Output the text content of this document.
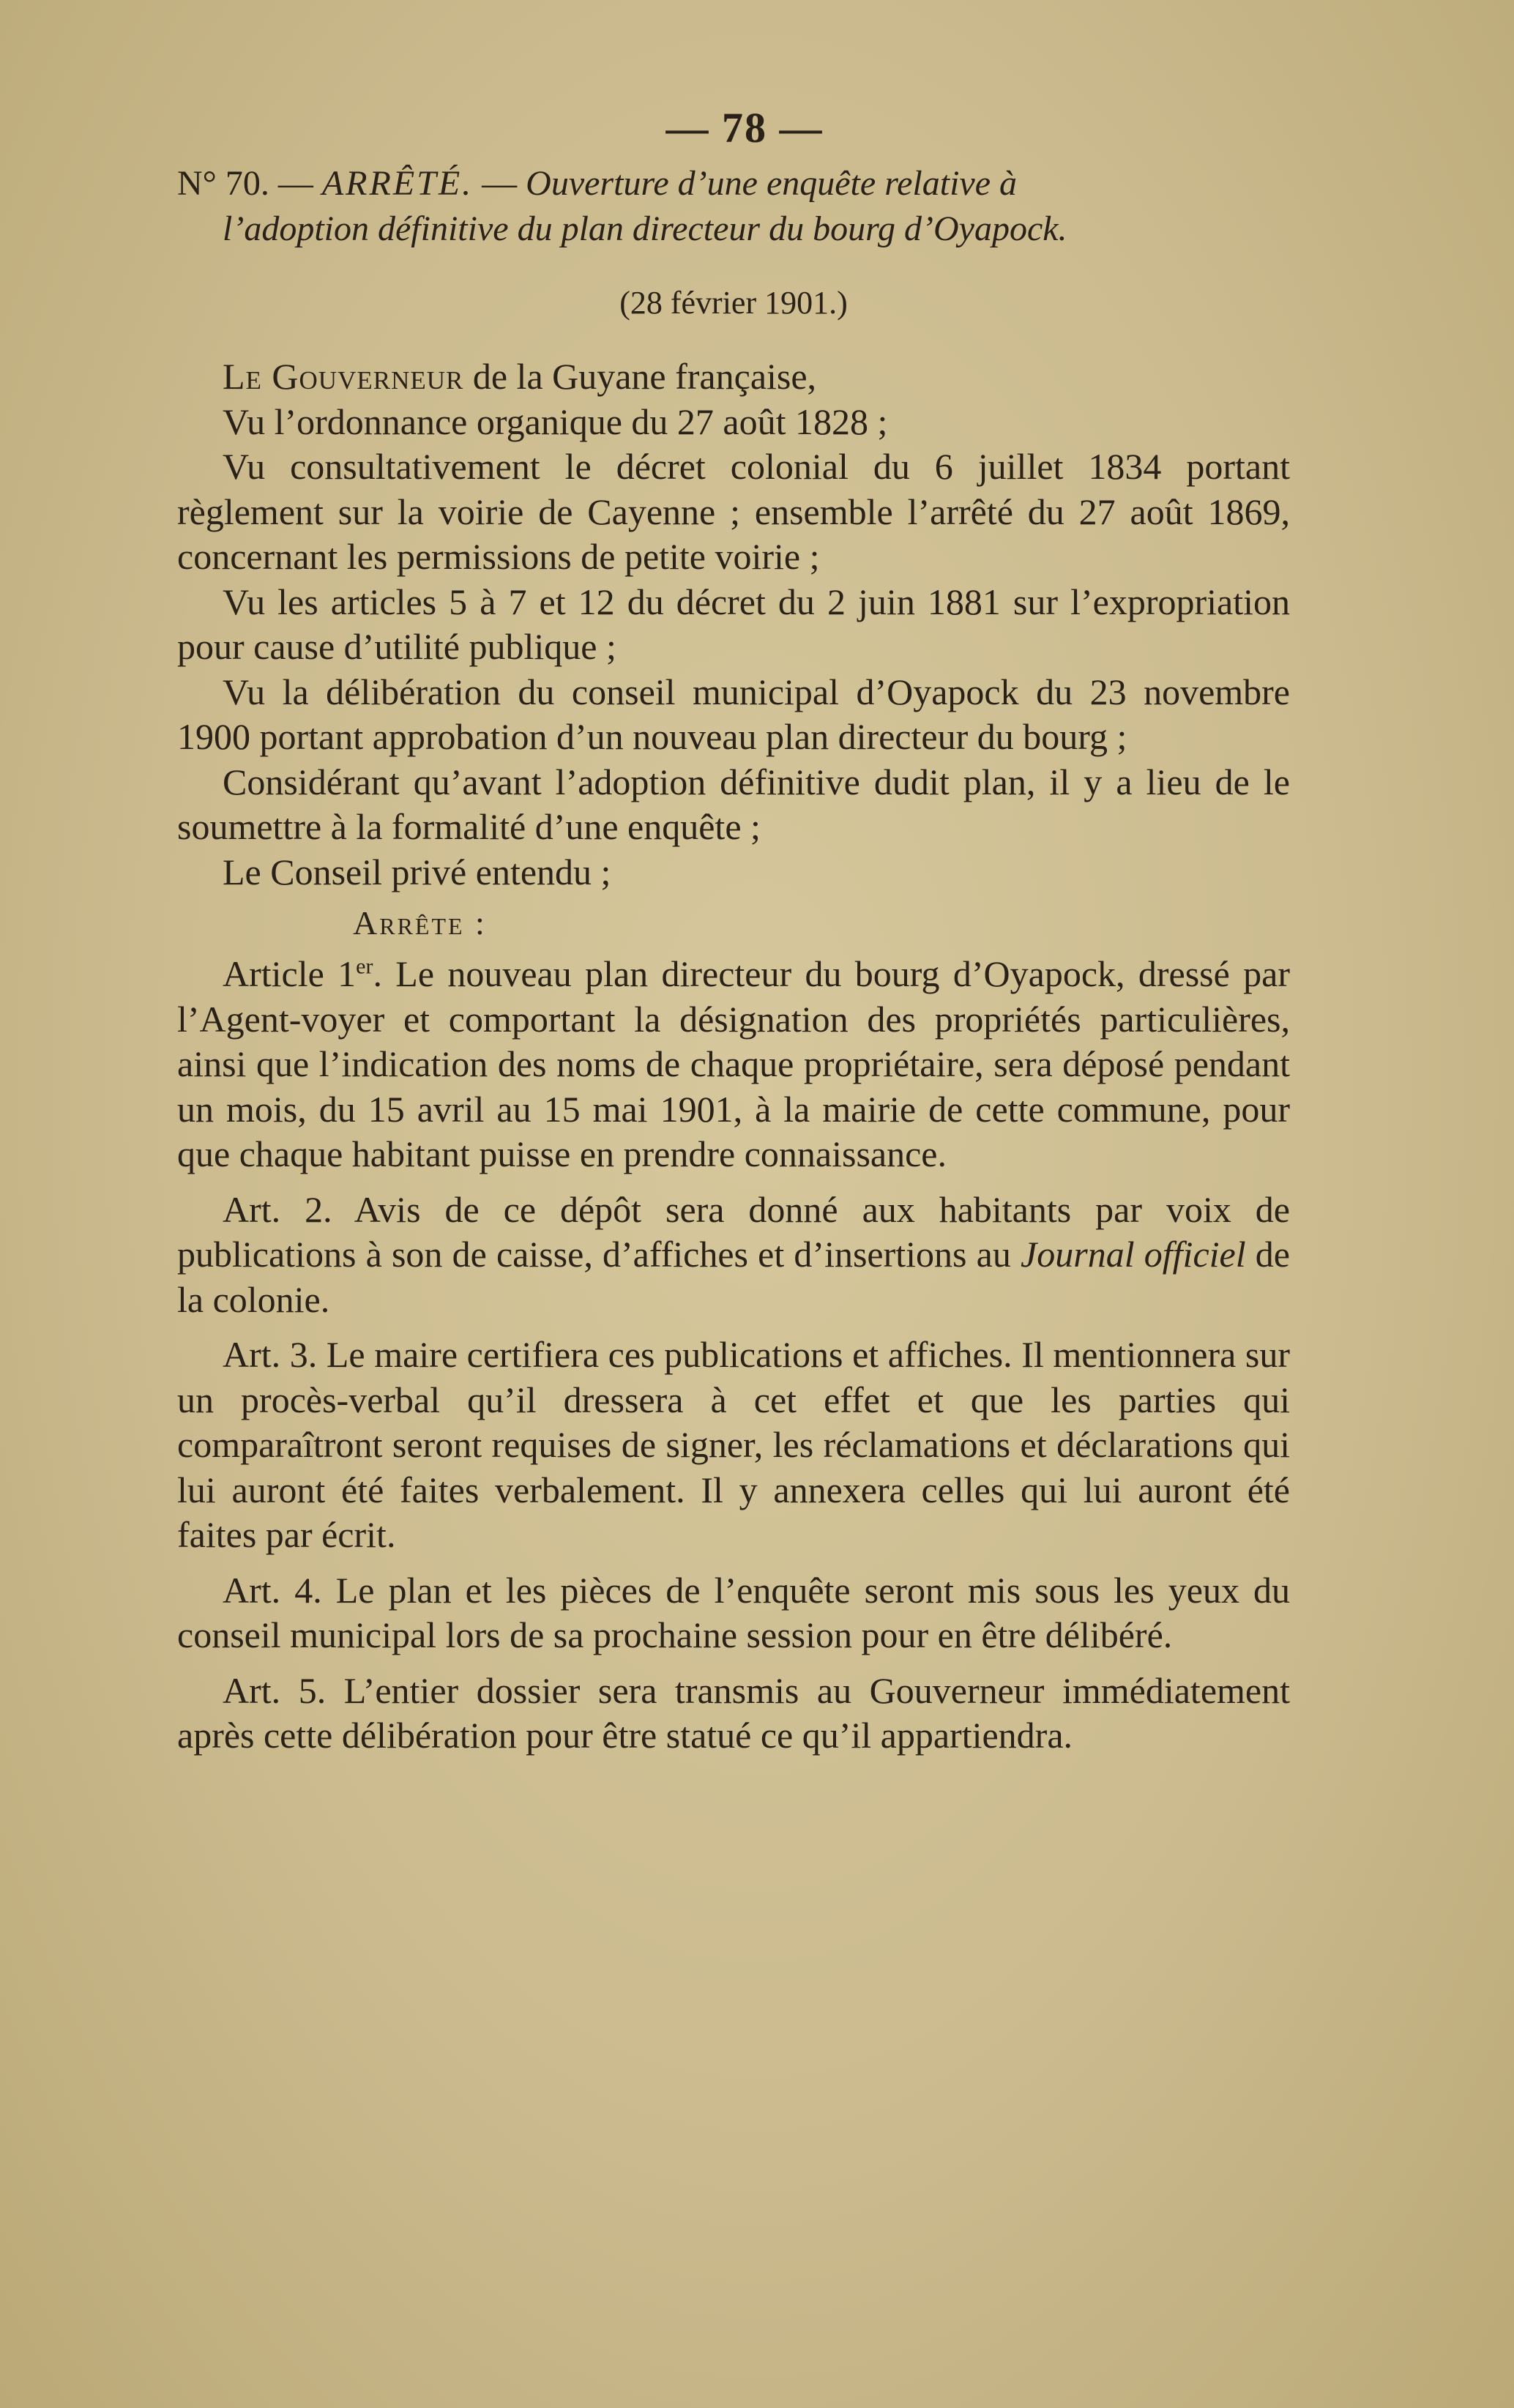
— 78 —
N° 70. — ARRÊTÉ. — Ouverture d’une enquête relative à
l’adoption définitive du plan directeur du bourg d’Oyapock.
(28 février 1901.)

Le Gouverneur de la Guyane française,

Vu l’ordonnance organique du 27 août 1828 ;

Vu consultativement le décret colonial du 6 juillet 1834 portant règlement sur la voirie de Cayenne ; ensemble l’arrêté du 27 août 1869, concernant les permissions de petite voirie ;

Vu les articles 5 à 7 et 12 du décret du 2 juin 1881 sur l’expropriation pour cause d’utilité publique ;

Vu la délibération du conseil municipal d’Oyapock du 23 novembre 1900 portant approbation d’un nouveau plan directeur du bourg ;

Considérant qu’avant l’adoption définitive dudit plan, il y a lieu de le soumettre à la formalité d’une enquête ;

Le Conseil privé entendu ;

Arrête :

Article 1er. Le nouveau plan directeur du bourg d’Oyapock, dressé par l’Agent-voyer et comportant la désignation des propriétés particulières, ainsi que l’indication des noms de chaque propriétaire, sera déposé pendant un mois, du 15 avril au 15 mai 1901, à la mairie de cette commune, pour que chaque habitant puisse en prendre connaissance.

Art. 2. Avis de ce dépôt sera donné aux habitants par voix de publications à son de caisse, d’affiches et d’insertions au Journal officiel de la colonie.

Art. 3. Le maire certifiera ces publications et affiches. Il mentionnera sur un procès-verbal qu’il dressera à cet effet et que les parties qui comparaîtront seront requises de signer, les réclamations et déclarations qui lui auront été faites verbalement. Il y annexera celles qui lui auront été faites par écrit.

Art. 4. Le plan et les pièces de l’enquête seront mis sous les yeux du conseil municipal lors de sa prochaine session pour en être délibéré.

Art. 5. L’entier dossier sera transmis au Gouverneur immédiatement après cette délibération pour être statué ce qu’il appartiendra.
